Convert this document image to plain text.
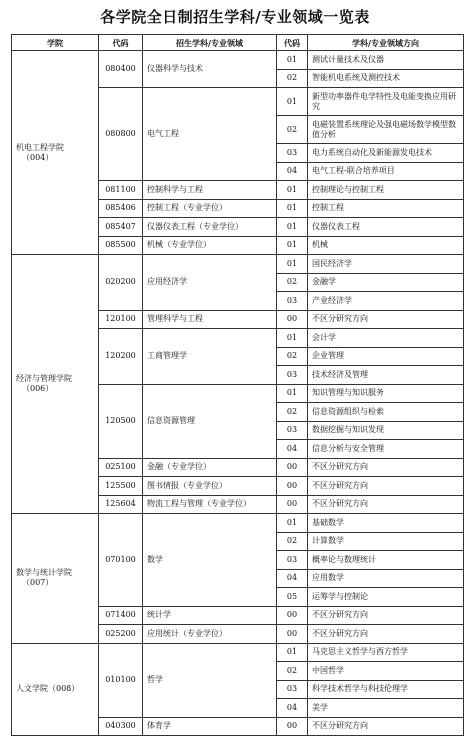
各学院全日制招生学科/专业领域一览表
学院	代码	招生学科/专业领域	代码	学科/专业领域方向

机电工程学院
（004）	080400	仪器科学与技术	01	测试计量技术及仪器
			02	智能机电系统及测控技术
	080800	电气工程	01	新型功率器件电学特性及电能变换应用研究
			02	电磁装置系统理论及强电磁场数学模型数值分析
			03	电力系统自动化及新能源发电技术
			04	电气工程-联合培养项目
	081100	控制科学与工程	01	控制理论与控制工程
	085406	控制工程（专业学位）	01	控制工程
	085407	仪器仪表工程（专业学位）	01	仪器仪表工程
	085500	机械（专业学位）	01	机械

经济与管理学院
（006）	020200	应用经济学	01	国民经济学
			02	金融学
			03	产业经济学
	120100	管理科学与工程	00	不区分研究方向
	120200	工商管理学	01	会计学
			02	企业管理
			03	技术经济及管理
	120500	信息资源管理	01	知识管理与知识服务
			02	信息资源组织与检索
			03	数据挖掘与知识发现
			04	信息分析与安全管理
	025100	金融（专业学位）	00	不区分研究方向
	125500	图书情报（专业学位）	00	不区分研究方向
	125604	物流工程与管理（专业学位）	00	不区分研究方向

数学与统计学院
（007）	070100	数学	01	基础数学
			02	计算数学
			03	概率论与数理统计
			04	应用数学
			05	运筹学与控制论
	071400	统计学	00	不区分研究方向
	025200	应用统计（专业学位）	00	不区分研究方向

人文学院（008）	010100	哲学	01	马克思主义哲学与西方哲学
			02	中国哲学
			03	科学技术哲学与科技伦理学
			04	美学
	040300	体育学	00	不区分研究方向
